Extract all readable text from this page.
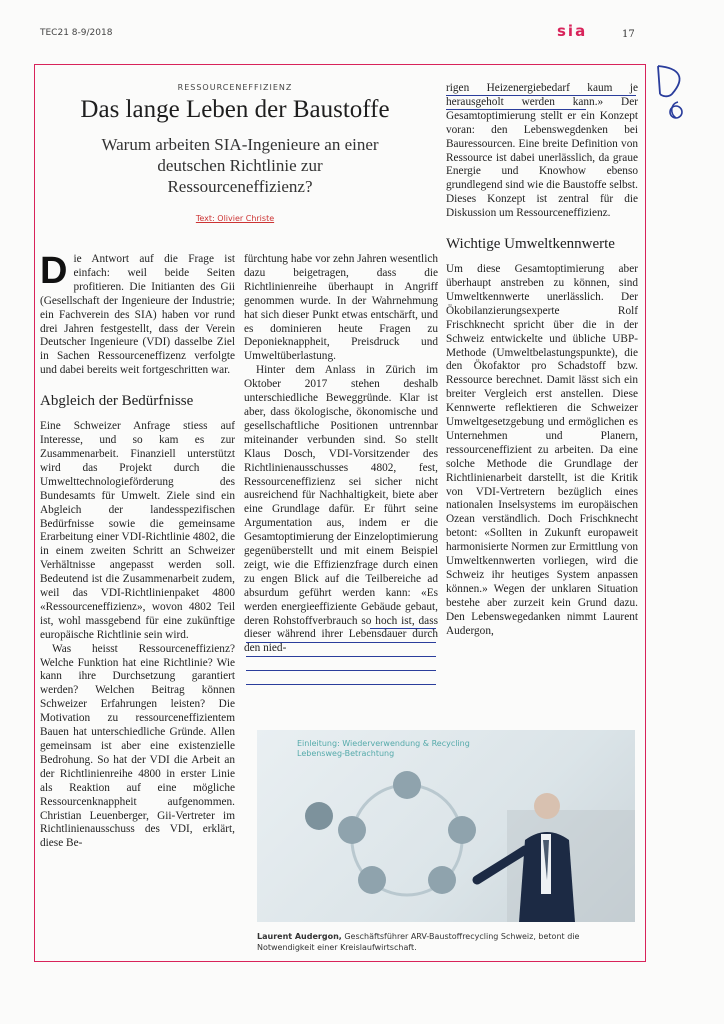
TEC21 8-9/2018	sia	17
RESSOURCENEFFIZIENZ
Das lange Leben der Baustoffe
Warum arbeiten SIA-Ingenieure an einer deutschen Richtlinie zur Ressourceneffizienz?
Text: Olivier Christe
D ie Antwort auf die Frage ist einfach: weil beide Seiten profitieren. Die Initianten des Gii (Gesellschaft der Ingenieure der Industrie; ein Fachverein des SIA) haben vor rund drei Jahren festgestellt, dass der Verein Deutscher Ingenieure (VDI) dasselbe Ziel in Sachen Ressourceneffizenz verfolgte und dabei bereits weit fortgeschritten war.

Abgleich der Bedürfnisse

Eine Schweizer Anfrage stiess auf Interesse, und so kam es zur Zusammenarbeit. Finanziell unterstützt wird das Projekt durch die Umwelttechnologieförderung des Bundesamts für Umwelt. Ziele sind ein Abgleich der landesspezifischen Bedürfnisse sowie die gemeinsame Erarbeitung einer VDI-Richtlinie 4802, die in einem zweiten Schritt an Schweizer Verhältnisse angepasst werden soll. Bedeutend ist die Zusammenarbeit zudem, weil das VDI-Richtlinienpaket 4800 «Ressourceneffizienz», wovon 4802 Teil ist, wohl massgebend für eine zukünftige europäische Richtlinie sein wird.

Was heisst Ressourceneffizienz? Welche Funktion hat eine Richtlinie? Wie kann ihre Durchsetzung garantiert werden? Welchen Beitrag können Schweizer Erfahrungen leisten? Die Motivation zu ressourceneffizientem Bauen hat unterschiedliche Gründe. Allen gemeinsam ist aber eine existenzielle Bedrohung. So hat der VDI die Arbeit an der Richtlinienreihe 4800 in erster Linie als Reaktion auf eine mögliche Ressourcenknappheit aufgenommen. Christian Leuenberger, Gii-Vertreter im Richtlinienausschuss des VDI, erklärt, diese Be-

fürchtung habe vor zehn Jahren wesentlich dazu beigetragen, dass die Richtlinienreihe überhaupt in Angriff genommen wurde. In der Wahrnehmung hat sich dieser Punkt etwas entschärft, und es dominieren heute Fragen zu Deponieknappheit, Preisdruck und Umweltüberlastung.

Hinter dem Anlass in Zürich im Oktober 2017 stehen deshalb unterschiedliche Beweggründe. Klar ist aber, dass ökologische, ökonomische und gesellschaftliche Positionen untrennbar miteinander verbunden sind. So stellt Klaus Dosch, VDI-Vorsitzender des Richtlinienausschusses 4802, fest, Ressourceneffizienz sei sicher nicht ausreichend für Nachhaltigkeit, biete aber eine Grundlage dafür. Er führt seine Argumentation aus, indem er die Gesamtoptimierung der Einzeloptimierung gegenüberstellt und mit einem Beispiel zeigt, wie die Effizienzfrage durch einen zu engen Blick auf die Teilbereiche ad absurdum geführt werden kann: «Es werden energieeffiziente Gebäude gebaut, deren Rohstoffverbrauch so hoch ist, dass dieser während ihrer Lebensdauer durch den nied-

rigen Heizenergiebedarf kaum je herausgeholt werden kann.» Der Gesamtoptimierung stellt er ein Konzept voran: den Lebenswegdenken bei Bauressourcen. Eine breite Definition von Ressource ist dabei unerlässlich, da graue Energie und Knowhow ebenso grundlegend sind wie die Baustoffe selbst. Dieses Konzept ist zentral für die Diskussion um Ressourceneffizienz.

Wichtige Umweltkennwerte

Um diese Gesamtoptimierung aber überhaupt anstreben zu können, sind Umweltkennwerte unerlässlich. Der Ökobilanzierungsexperte Rolf Frischknecht spricht über die in der Schweiz entwickelte und übliche UBP-Methode (Umweltbelastungspunkte), die den Ökofaktor pro Schadstoff bzw. Ressource berechnet. Damit lässt sich ein breiter Vergleich erst anstellen. Diese Kennwerte reflektieren die Schweizer Umweltgesetzgebung und ermöglichen es Unternehmen und Planern, ressourceneffizient zu arbeiten. Da eine solche Methode die Grundlage der Richtlinienarbeit darstellt, ist die Kritik von VDI-Vertretern bezüglich eines nationalen Inselsystems im europäischen Ozean verständlich. Doch Frischknecht betont: «Sollten in Zukunft europaweit harmonisierte Normen zur Ermittlung von Umweltkennwerten vorliegen, wird die Schweiz ihr heutiges System anpassen können.» Wegen der unklaren Situation bestehe aber zurzeit kein Grund dazu. Den Lebenswegedanken nimmt Laurent Audergon,

Einleitung: Wiederverwendung & Recycling
Lebensweg-Betrachtung
Laurent Audergon, Geschäftsführer ARV-Baustoffrecycling Schweiz, betont die Notwendigkeit einer Kreislaufwirtschaft.
